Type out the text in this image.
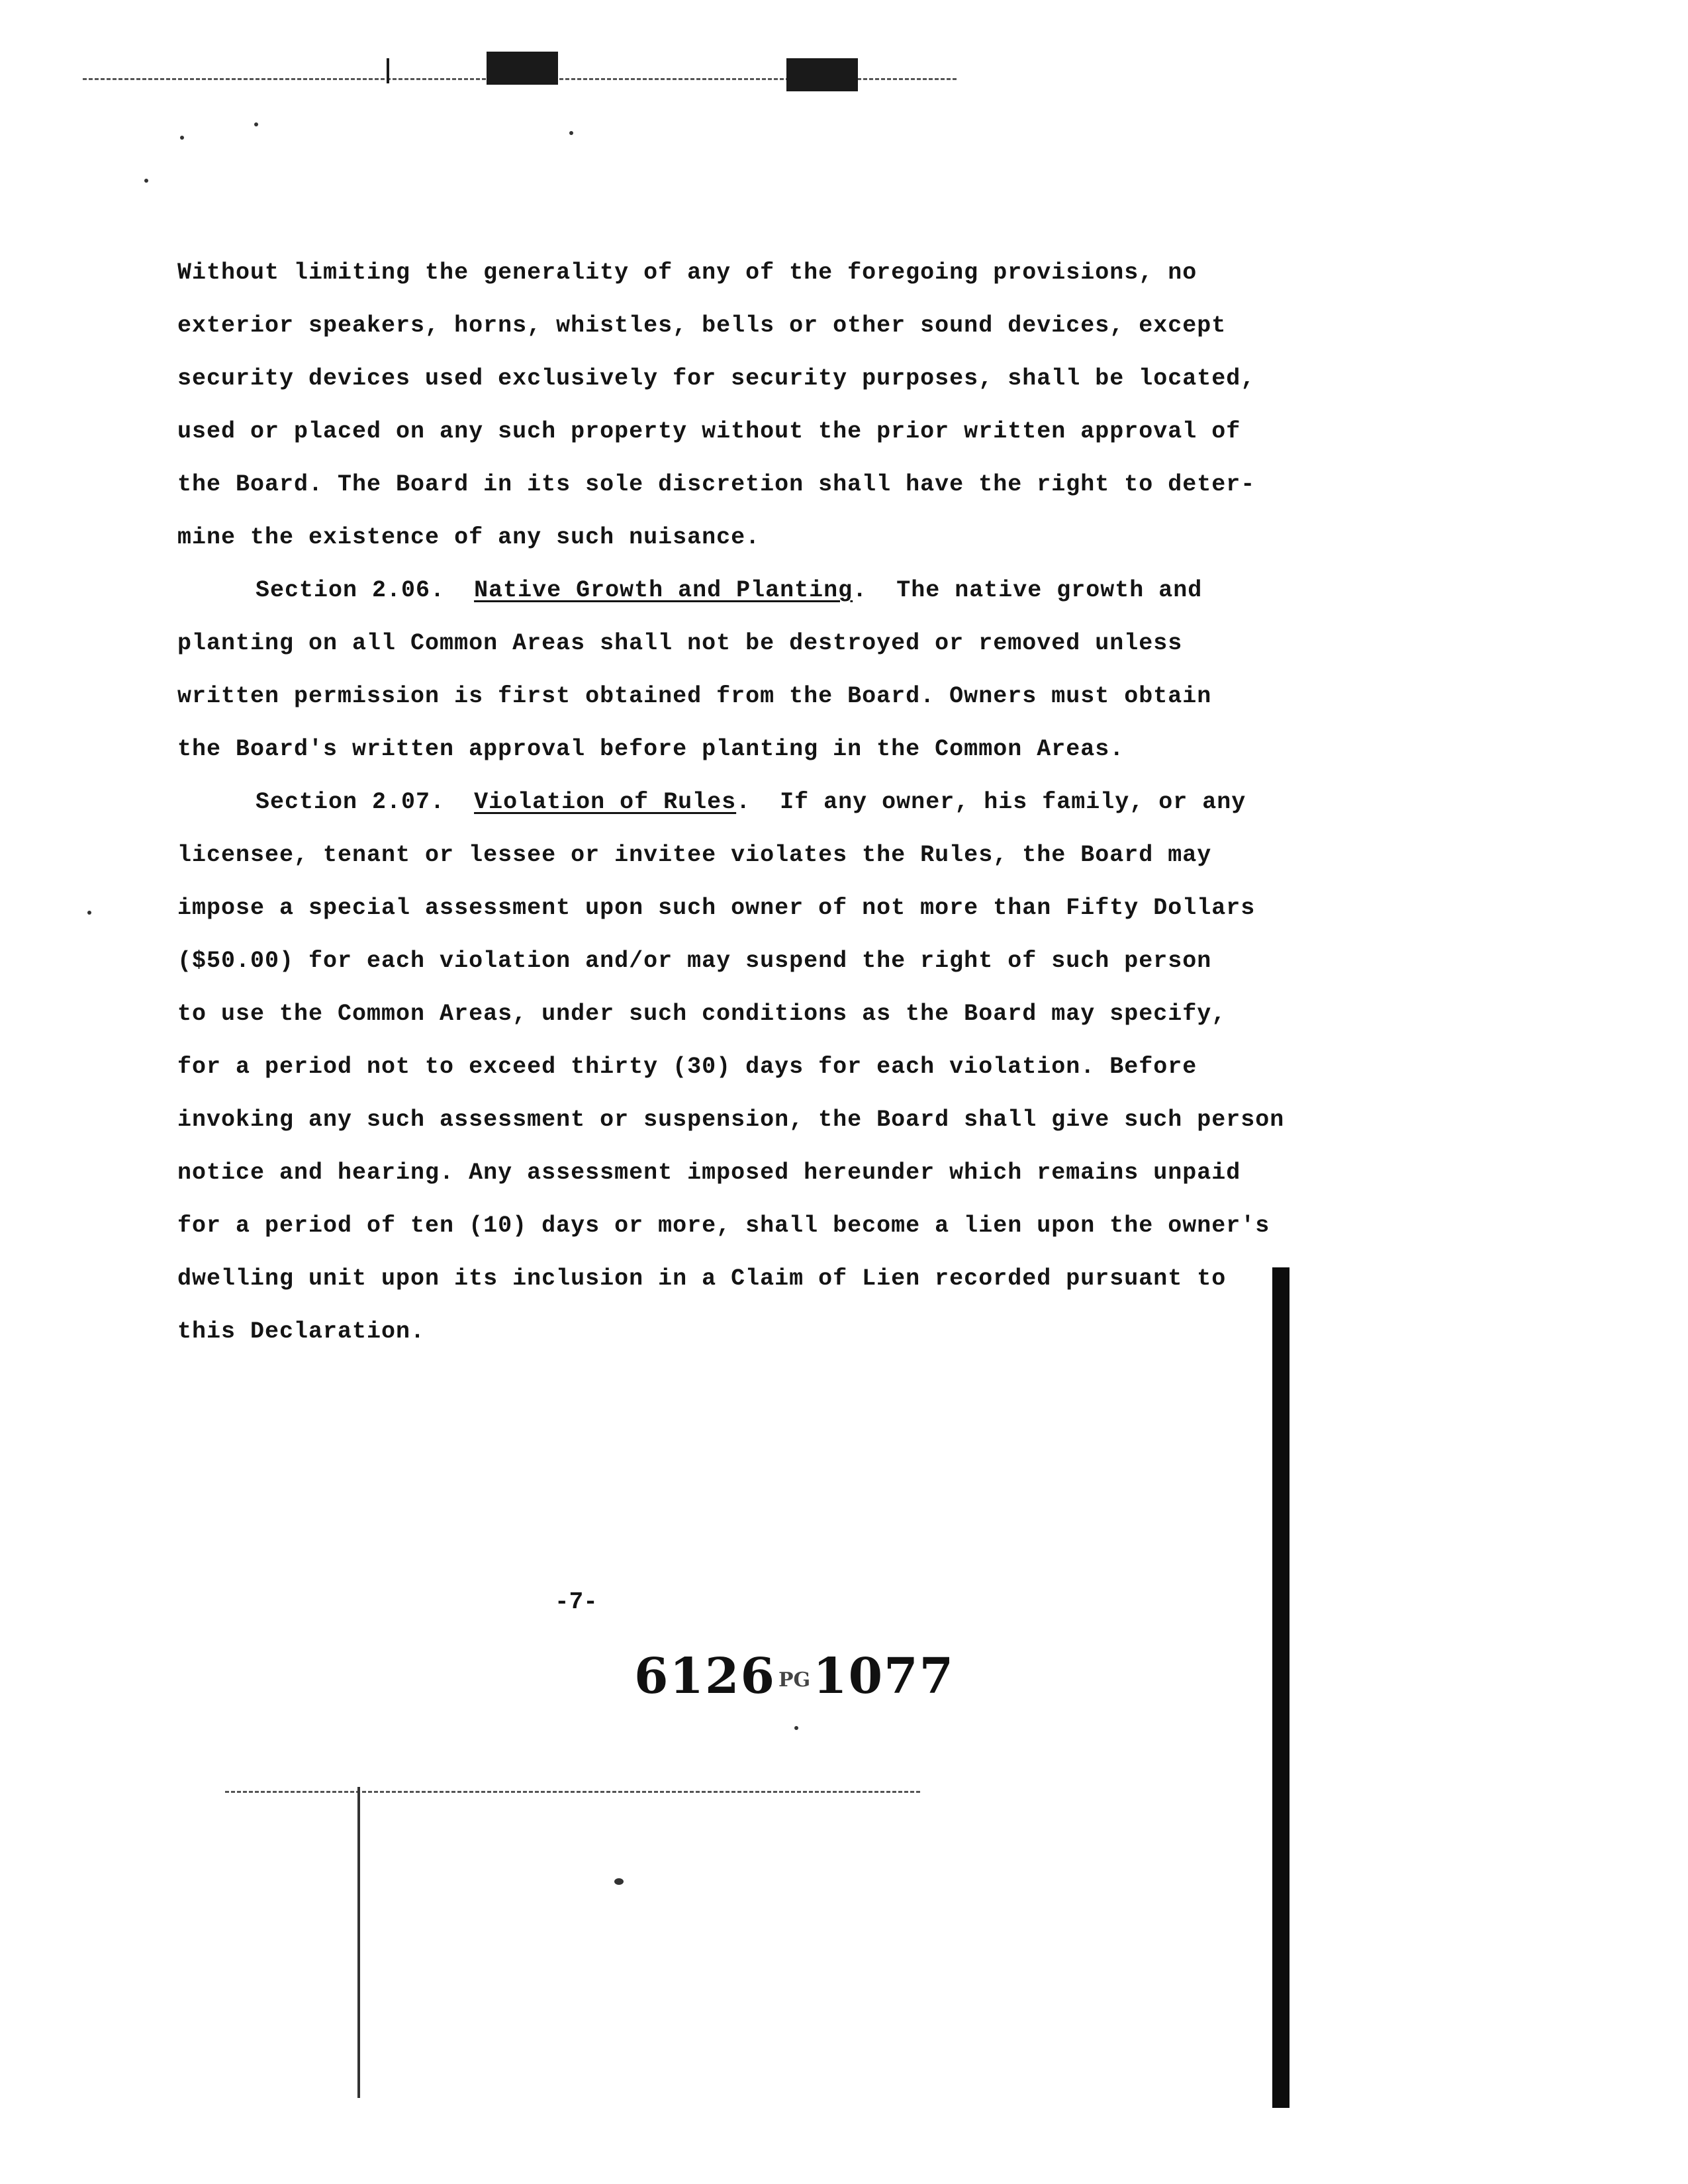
Without limiting the generality of any of the foregoing provisions, no
exterior speakers, horns, whistles, bells or other sound devices, except
security devices used exclusively for security purposes, shall be located,
used or placed on any such property without the prior written approval of
the Board. The Board in its sole discretion shall have the right to deter-
mine the existence of any such nuisance.
Section 2.06. Native Growth and Planting. The native growth and
planting on all Common Areas shall not be destroyed or removed unless
written permission is first obtained from the Board. Owners must obtain
the Board's written approval before planting in the Common Areas.
Section 2.07. Violation of Rules. If any owner, his family, or any
licensee, tenant or lessee or invitee violates the Rules, the Board may
impose a special assessment upon such owner of not more than Fifty Dollars
($50.00) for each violation and/or may suspend the right of such person
to use the Common Areas, under such conditions as the Board may specify,
for a period not to exceed thirty (30) days for each violation. Before
invoking any such assessment or suspension, the Board shall give such person
notice and hearing. Any assessment imposed hereunder which remains unpaid
for a period of ten (10) days or more, shall become a lien upon the owner's
dwelling unit upon its inclusion in a Claim of Lien recorded pursuant to
this Declaration.
-7-
6126 PG1077
